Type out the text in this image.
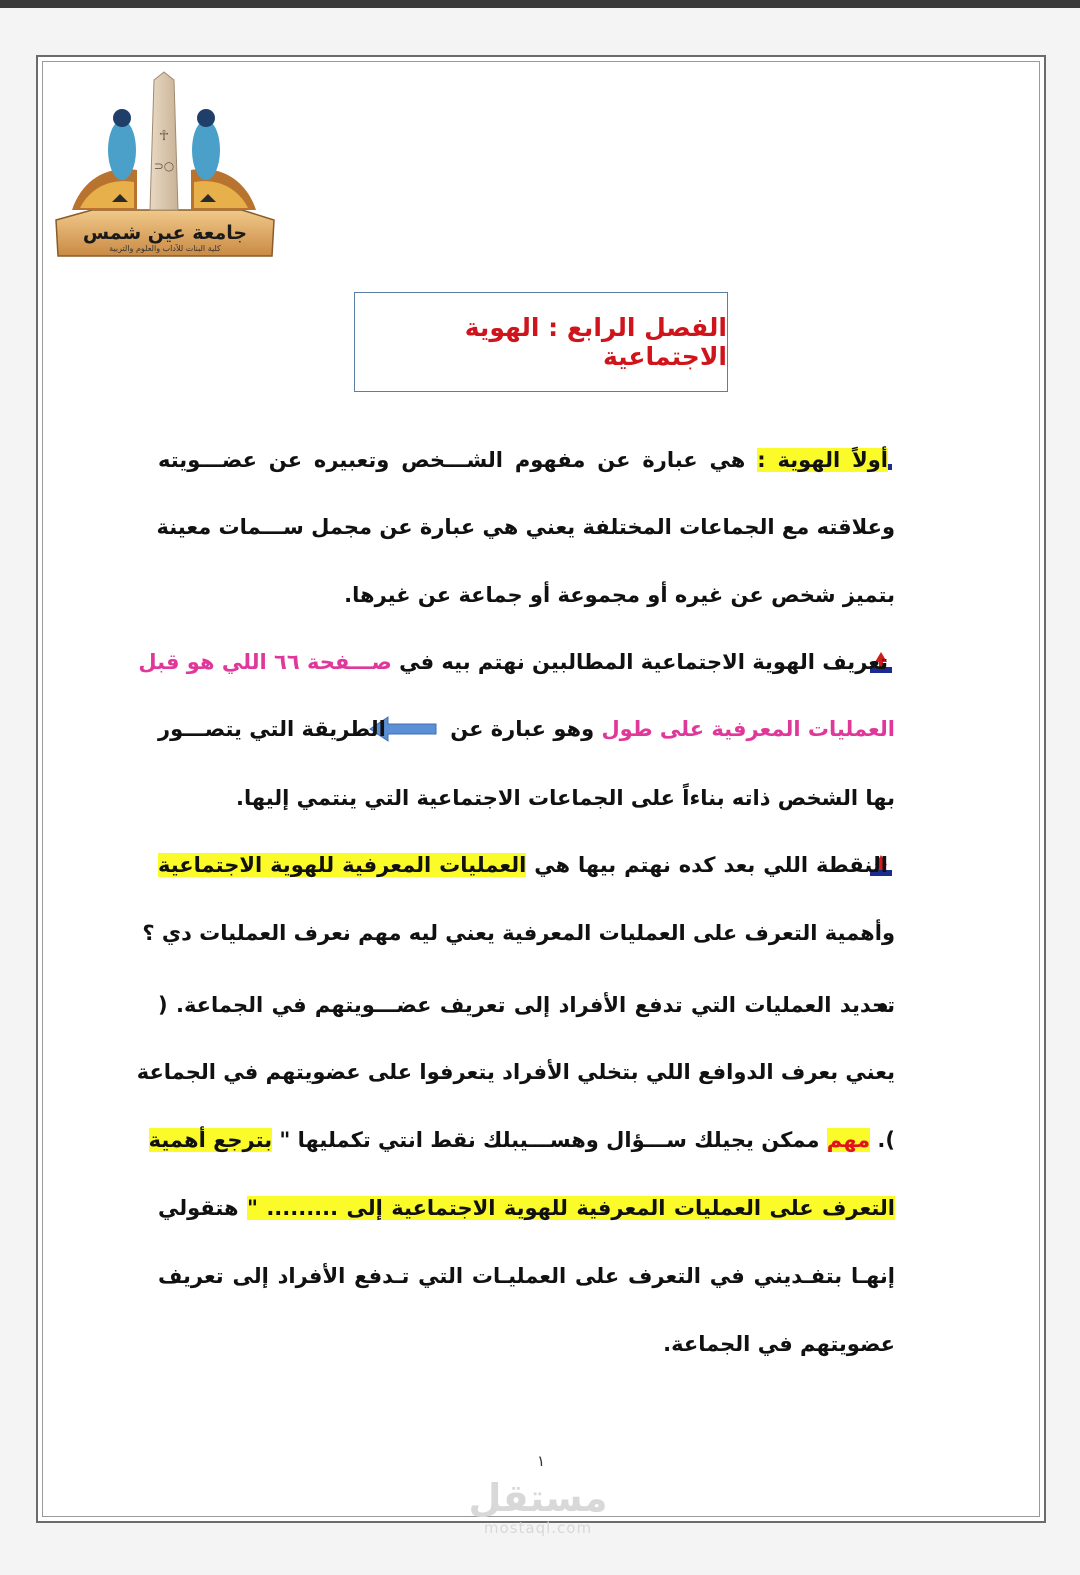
☥
⊃○
جامعة عين شمس
كلية البنات للآداب والعلوم والتربية
الفصل الرابع : الهوية الاجتماعية
أولاً الهوية : هي عبارة عن مفهوم الشـــخص وتعبيره عن عضـــويته
وعلاقته مع الجماعات المختلفة يعني هي عبارة عن مجمل ســـمات معينة
بتميز شخص عن غيره أو مجموعة أو جماعة عن غيرها.
تعريف الهوية الاجتماعية المطالبين نهتم بيه في صـــفحة ٦٦ اللي هو قبل
العمليات المعرفية على طول وهو عبارة عن
الطريقة التي يتصـــور
بها الشخص ذاته بناءاً على الجماعات الاجتماعية التي ينتمي إليها.
النقطة اللي بعد كده نهتم بيها هي العمليات المعرفية للهوية الاجتماعية
وأهمية التعرف على العمليات المعرفية يعني ليه مهم نعرف العمليات دي ؟
تحديد العمليات التي تدفع الأفراد إلى تعريف عضـــويتهم في الجماعة. (
يعني بعرف الدوافع اللي بتخلي الأفراد يتعرفوا على عضويتهم في الجماعة
). مهم ممكن يجيلك ســـؤال وهســـيبلك نقط انتي تكمليها " بترجع أهمية
التعرف على العمليات المعرفية للهوية الاجتماعية إلى ......... " هتقولي
إنهـا بتفـديني في التعرف على العمليـات التي تـدفع الأفراد إلى تعريف
عضويتهم في الجماعة.
١
مستقل
mostaql.com
